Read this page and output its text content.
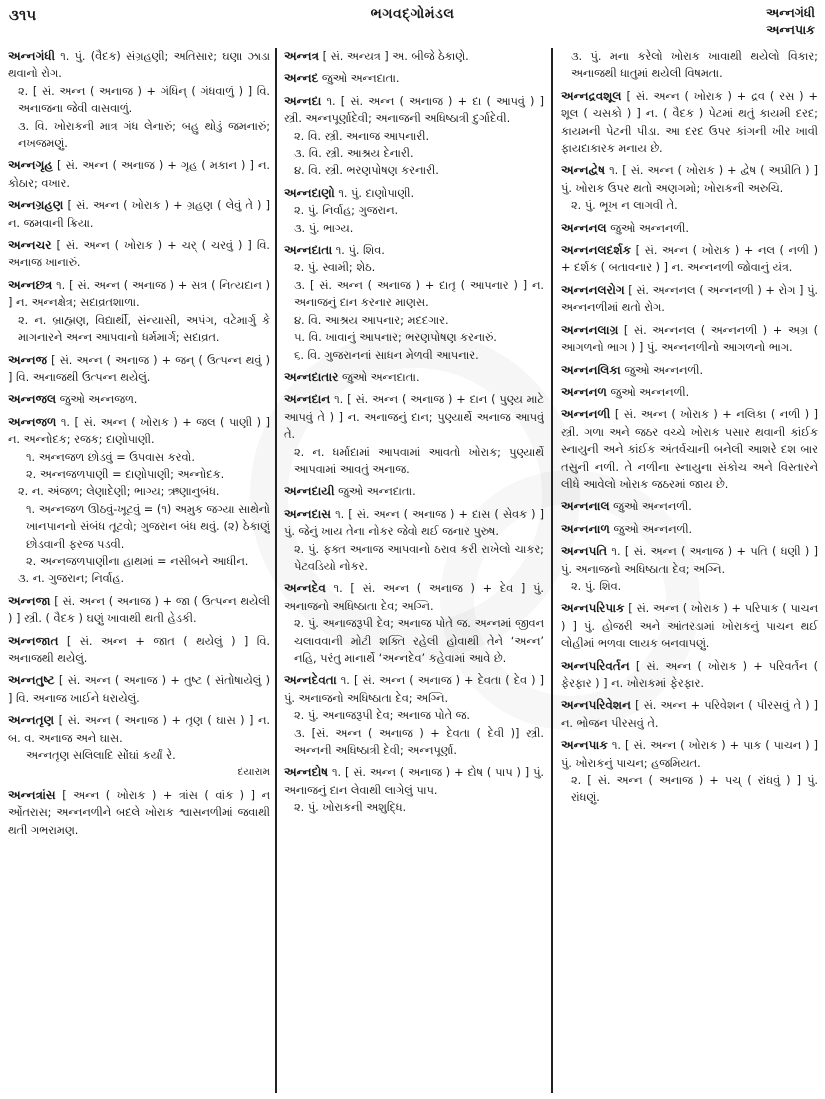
૩૧૫	ભગવદ્ગોમંડલ	અન્નગંધી
અન્નપાક
અન્નગંધી ૧. પું. (વૈદક) સંગ્રહણી; અતિસાર; ઘણા ઝાડા થવાનો રોગ.
૨. [ સં. અન્ન ( અનાજ ) + ગંધિન્ ( ગંધવાળું ) ] વિ. અનાજના જેવી વાસવાળું.
૩. વિ. ખોરાકની માત્ર ગંધ લેનારું; બહુ થોડું જમનારું; નખજમણું.
અન્નગૃહ [ સં. અન્ન ( અનાજ ) + ગૃહ ( મકાન ) ] ન. કોઠાર; વખાર.
અન્નગ્રહણ [ સં. અન્ન ( ખોરાક ) + ગ્રહણ ( લેવું તે ) ] ન. જમવાની ક્રિયા.
અન્નચર [ સં. અન્ન ( ખોરાક ) + ચર્ ( ચરવું ) ] વિ. અનાજ ખાનારું.
અન્નછત્ર ૧. [ સં. અન્ન ( અનાજ ) + સત્ર ( નિત્યદાન ) ] ન. અન્નક્ષેત્ર; સદાવ્રતશાળા.
૨. ન. બ્રાહ્મણ, વિદ્યાર્થી, સંન્યાસી, અપંગ, વટેમાર્ગુ કે માગનારને અન્ન આપવાનો ધર્મમાર્ગ; સદાવ્રત.
અન્નજ [ સં. અન્ન ( અનાજ ) + જન્ ( ઉત્પન્ન થવું ) ] વિ. અનાજથી ઉત્પન્ન થયેલું.
અન્નજલ જુઓ અન્નજળ.
અન્નજળ ૧. [ સં. અન્ન ( ખોરાક ) + જલ ( પાણી ) ] ન. અન્નોદક; રજક; દાણોપાણી.
૧. અન્નજળ છોડવું = ઉપવાસ કરવો.
૨. અન્નજળપાણી = દાણોપાણી; અન્નોદક.
૨. ન. અંજળ; લેણાદેણી; ભાગ્ય; ઋણાનુબંધ.
૧. અન્નજળ ઊઠવું-ખૂટવું = (૧) અમુક જગ્યા સાથેનો ખાનપાનનો સંબંધ તૂટવો; ગુજરાન બંધ થવું. (૨) ઠેકાણું છોડવાની ફરજ પડવી.
૨. અન્નજળપાણીના હાથમાં = નસીબને આધીન.
૩. ન. ગુજરાન; નિર્વાહ.
અન્નજા [ સં. અન્ન ( અનાજ ) + જા ( ઉત્પન્ન થયેલી ) ] સ્ત્રી. ( વૈદક ) ઘણું ખાવાથી થતી હેડકી.
અન્નજાત [ સં. અન્ન + જાત ( થયેલું ) ] વિ. અનાજથી થયેલું.
અન્નતુષ્ટ [ સં. અન્ન ( અનાજ ) + તુષ્ટ ( સંતોષાયેલું ) ] વિ. અનાજ ખાઈને ધરાયેલું.
અન્નતૃણ [ સં. અન્ન ( અનાજ ) + તૃણ ( ઘાસ ) ] ન. બ. વ. અનાજ અને ઘાસ.
અન્નતૃણ સલિલાદિ સોંઘાં કર્યાં રે.
દયારામ
અન્નત્રાંસ [ અન્ન ( ખોરાક ) + ત્રાંસ ( વાંક ) ] ન ઓંતરાસ; અન્નનળીને બદલે ખોરાક શ્વાસનળીમાં જવાથી થતી ગભરામણ.
અન્નત્ર [ સં. અન્યત્ર ] અ. બીજે ઠેકાણે.
અન્નદ જુઓ અન્નદાતા.
અન્નદા ૧. [ સં. અન્ન ( અનાજ ) + દા ( આપવું ) ] સ્ત્રી. અન્નપૂર્ણાદેવી; અનાજની અધિષ્ઠાત્રી દુર્ગાદેવી.
૨. વિ. સ્ત્રી. અનાજ આપનારી.
૩. વિ. સ્ત્રી. આશ્રય દેનારી.
૪. વિ. સ્ત્રી. ભરણપોષણ કરનારી.
અન્નદાણો ૧. પું. દાણોપાણી.
૨. પું. નિર્વાહ; ગુજરાન.
૩. પું. ભાગ્ય.
અન્નદાતા ૧. પું. શિવ.
૨. પું. સ્વામી; શેઠ.
૩. [ સં. અન્ન ( અનાજ ) + દાતૃ ( આપનાર ) ] ન. અનાજનું દાન કરનાર માણસ.
૪. વિ. આશ્રય આપનાર; મદદગાર.
૫. વિ. ખાવાનું આપનાર; ભરણપોષણ કરનારું.
૬. વિ. ગુજરાનનાં સાધન મેળવી આપનાર.
અન્નદાતાર જુઓ અન્નદાતા.
અન્નદાન ૧. [ સં. અન્ન ( અનાજ ) + દાન ( પુણ્ય માટે આપવું તે ) ] ન. અનાજનું દાન; પુણ્યાર્થે અનાજ આપવું તે.
૨. ન. ધર્માદામાં આપવામાં આવતો ખોરાક; પુણ્યાર્થે આપવામાં આવતું અનાજ.
અન્નદાયી જુઓ અન્નદાતા.
અન્નદાસ ૧. [ સં. અન્ન ( અનાજ ) + દાસ ( સેવક ) ] પું. જેનું ખાય તેના નોકર જેવો થઈ જનાર પુરુષ.
૨. પું. ફક્ત અનાજ આપવાનો ઠરાવ કરી રાખેલો ચાકર; પેટવડિયો નોકર.
અન્નદેવ ૧. [ સં. અન્ન ( અનાજ ) + દેવ ] પું. અનાજનો અધિષ્ઠાતા દેવ; અગ્નિ.
૨. પું. અનાજરૂપી દેવ; અનાજ પોતે જ. અન્નમાં જીવન ચલાવવાની મોટી શક્તિ રહેલી હોવાથી તેને ‘અન્ન’ નહિ, પરંતુ માનાર્થે ‘અન્નદેવ’ કહેવામાં આવે છે.
અન્નદેવતા ૧. [ સં. અન્ન ( અનાજ ) + દેવતા ( દેવ ) ] પું. અનાજનો અધિષ્ઠાતા દેવ; અગ્નિ.
૨. પું. અનાજરૂપી દેવ; અનાજ પોતે જ.
૩. [સં. અન્ન ( અનાજ ) + દેવતા ( દેવી )] સ્ત્રી. અન્નની અધિષ્ઠાત્રી દેવી; અન્નપૂર્ણા.
અન્નદોષ ૧. [ સં. અન્ન ( અનાજ ) + દોષ ( પાપ ) ] પું. અનાજનું દાન લેવાથી લાગેલું પાપ.
૨. પું. ખોરાકની અશુદ્ધિ.
૩. પું. મના કરેલો ખોરાક ખાવાથી થયેલો વિકાર; અનાજથી ધાતુમાં થયેલી વિષમતા.
અન્નદ્રવશૂલ [ સં. અન્ન ( ખોરાક ) + દ્રવ ( રસ ) + શૂલ ( ચસકો ) ] ન. ( વૈદક ) પેટમાં થતું કાયમી દરદ; કાયમની પેટની પીડા. આ દરદ ઉપર કાંગની ખીર ખાવી ફાયદાકારક મનાય છે.
અન્નદ્વેષ ૧. [ સં. અન્ન ( ખોરાક ) + દ્વેષ ( અપ્રીતિ ) ] પું. ખોરાક ઉપર થતો અણગમો; ખોરાકની અરુચિ.
૨. પું. ભૂખ ન લાગવી તે.
અન્નનલ જુઓ અન્નનળી.
અન્નનલદર્શક [ સં. અન્ન ( ખોરાક ) + નલ ( નળી ) + દર્શક ( બતાવનાર ) ] ન. અન્નનળી જોવાનું યંત્ર.
અન્નનલરોગ [ સં. અન્નનલ ( અન્નનળી ) + રોગ ] પું. અન્નનળીમાં થતો રોગ.
અન્નનલાગ્ર [ સં. અન્નનલ ( અન્નનળી ) + અગ્ર ( આગળનો ભાગ ) ] પું. અન્નનળીનો આગળનો ભાગ.
અન્નનલિકા જુઓ અન્નનળી.
અન્નનળ જુઓ અન્નનળી.
અન્નનળી [ સં. અન્ન ( ખોરાક ) + નલિકા ( નળી ) ] સ્ત્રી. ગળા અને જઠર વચ્ચે ખોરાક પસાર થવાની કાંઈક સ્નાયુની અને કાંઈક અંતર્વચાની બનેલી આશરે દશ બાર તસુની નળી. તે નળીના સ્નાયુના સંકોચ અને વિસ્તારને લીધે આવેલો ખોરાક જઠરમાં જાય છે.
અન્નનાલ જુઓ અન્નનળી.
અન્નનાળ જુઓ અન્નનળી.
અન્નપતિ ૧. [ સં. અન્ન ( અનાજ ) + પતિ ( ધણી ) ] પું. અનાજનો અધિષ્ઠાતા દેવ; અગ્નિ.
૨. પું. શિવ.
અન્નપરિપાક [ સં. અન્ન ( ખોરાક ) + પરિપાક ( પાચન ) ] પું. હોજરી અને આંતરડામાં ખોરાકનું પાચન થઈ લોહીમાં ભળવા લાયક બનવાપણું.
અન્નપરિવર્તન [ સં. અન્ન ( ખોરાક ) + પરિવર્તન ( ફેરફાર ) ] ન. ખોરાકમાં ફેરફાર.
અન્નપરિવેશન [ સં. અન્ન + પરિવેશન ( પીરસવું તે ) ] ન. ભોજન પીરસવું તે.
અન્નપાક ૧. [ સં. અન્ન ( ખોરાક ) + પાક ( પાચન ) ] પું. ખોરાકનું પાચન; હજમિયત.
૨. [ સં. અન્ન ( અનાજ ) + પચ્ ( રાંધવું ) ] પું. રાંધણું.
